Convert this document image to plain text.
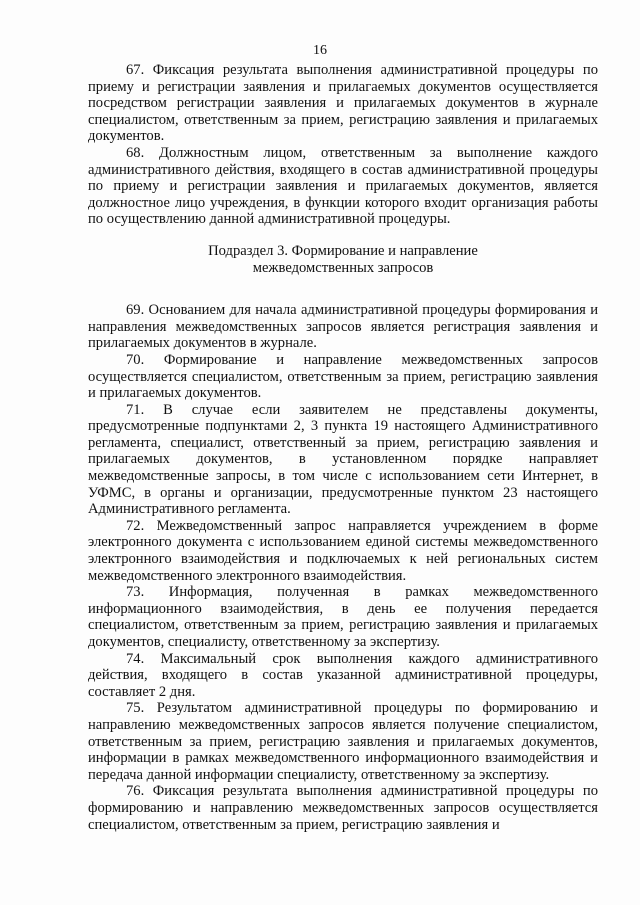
16

67. Фиксация результата выполнения административной процедуры по приему и регистрации заявления и прилагаемых документов осуществляется посредством регистрации заявления и прилагаемых документов в журнале специалистом, ответственным за прием, регистрацию заявления и прилагаемых документов.

68. Должностным лицом, ответственным за выполнение каждого административного действия, входящего в состав административной процедуры по приему и регистрации заявления и прилагаемых документов, является должностное лицо учреждения, в функции которого входит организация работы по осуществлению данной административной процедуры.

Подраздел 3. Формирование и направление
межведомственных запросов

69. Основанием для начала административной процедуры формирования и направления межведомственных запросов является регистрация заявления и прилагаемых документов в журнале.

70. Формирование и направление межведомственных запросов осуществляется специалистом, ответственным за прием, регистрацию заявления и прилагаемых документов.

71. В случае если заявителем не представлены документы, предусмотренные подпунктами 2, 3 пункта 19 настоящего Административного регламента, специалист, ответственный за прием, регистрацию заявления и прилагаемых документов, в установленном порядке направляет межведомственные запросы, в том числе с использованием сети Интернет, в УФМС, в органы и организации, предусмотренные пунктом 23 настоящего Административного регламента.

72. Межведомственный запрос направляется учреждением в форме электронного документа с использованием единой системы межведомственного электронного взаимодействия и подключаемых к ней региональных систем межведомственного электронного взаимодействия.

73. Информация, полученная в рамках межведомственного информационного взаимодействия, в день ее получения передается специалистом, ответственным за прием, регистрацию заявления и прилагаемых документов, специалисту, ответственному за экспертизу.

74. Максимальный срок выполнения каждого административного действия, входящего в состав указанной административной процедуры, составляет 2 дня.

75. Результатом административной процедуры по формированию и направлению межведомственных запросов является получение специалистом, ответственным за прием, регистрацию заявления и прилагаемых документов, информации в рамках межведомственного информационного взаимодействия и передача данной информации специалисту, ответственному за экспертизу.

76. Фиксация результата выполнения административной процедуры по формированию и направлению межведомственных запросов осуществляется специалистом, ответственным за прием, регистрацию заявления и
